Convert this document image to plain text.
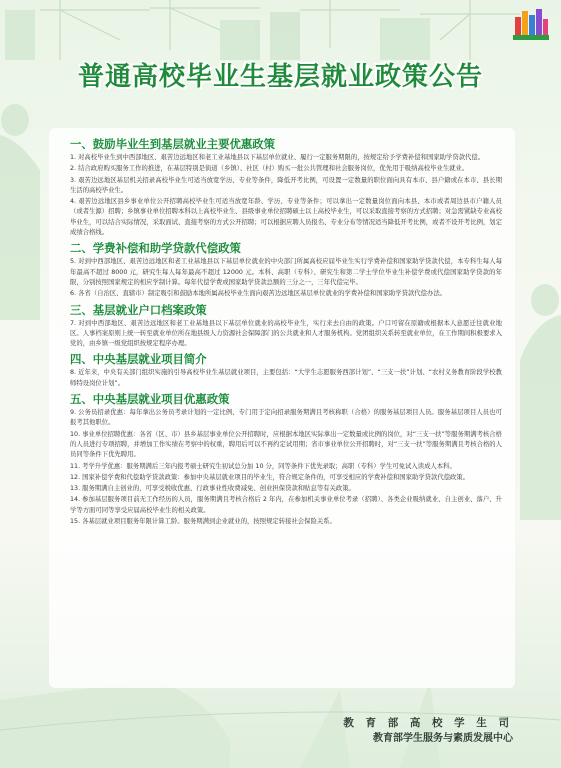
普通高校毕业生基层就业政策公告
一、鼓励毕业生到基层就业主要优惠政策
1. 对高校毕业生到中西部地区、艰苦边远地区和老工业基地县以下基层单位就业、履行一定服务期限的，按规定给予学费补偿和国家助学贷款代偿。
2. 结合政府购买服务工作的推进，在基层特别是街道（乡镇）、社区（村）购买一批公共管理和社会服务岗位，优先用于吸纳高校毕业生就业。
3. 艰苦边远地区基层机关招录高校毕业生可适当放宽学历、专业等条件，降低开考比例，可设置一定数量的职位面向具有本市、县户籍或在本市、县长期生活的高校毕业生。
4. 艰苦边远地区县乡事业单位公开招聘高校毕业生可适当放宽年龄、学历、专业等条件；可以拿出一定数量岗位面向本县、本市或者周边县市户籍人员（或者生源）招聘；乡镇事业单位招聘本科以上高校毕业生、县级事业单位招聘硕士以上高校毕业生，可以采取直接考察的方式招聘；对急需紧缺专业高校毕业生，可以结合实际情况，采取面试、直接考察的方式公开招聘；可以根据应聘人员报名、专业分布等情况适当降低开考比例，或者不设开考比例，划定成绩合格线。
二、学费补偿和助学贷款代偿政策
5. 对到中西部地区、艰苦边远地区和老工业基地县以下基层单位就业的中央部门所属高校应届毕业生实行学费补偿和国家助学贷款代偿，本专科生每人每年最高不超过 8000 元，研究生每人每年最高不超过 12000 元。本科、高职（专科）、研究生和第二学士学位毕业生补偿学费或代偿国家助学贷款的年限，分别按照国家规定的相应学制计算。每年代偿学费或国家助学贷款总额的三分之一，三年代偿完毕。
6. 各省（自治区、直辖市）制定吸引和鼓励本地所属高校毕业生面向艰苦边远地区基层单位就业的学费补偿和国家助学贷款代偿办法。
三、基层就业户口档案政策
7. 对到中西部地区、艰苦边远地区和老工业基地县以下基层单位就业的高校毕业生，实行来去自由的政策。户口可留在原籍或根据本人意愿迁往就业地区。人事档案原则上统一转至就业单位所在地县级人力资源社会保障部门的公共就业和人才服务机构。党团组织关系转至就业单位，在工作期间积极要求入党的，由乡镇一级党组织按规定程序办理。
四、中央基层就业项目简介
8. 近年来，中央有关部门组织实施的引导高校毕业生基层就业项目，主要包括：“大学生志愿服务西部计划”、“三支一扶”计划、“农村义务教育阶段学校教师特设岗位计划”。
五、中央基层就业项目优惠政策
9. 公务员招录优惠：每年拿出公务员考录计划的一定比例、专门用于定向招录服务期满且考核称职（合格）的服务基层项目人员。服务基层项目人员也可报考其他职位。
10. 事业单位招聘优惠：各省（区、市）县乡基层事业单位公开招聘时，应根据本地区实际拿出一定数量或比例的岗位，对“三支一扶”等服务期满考核合格的人员进行专项招聘，并增加工作实绩在考察中的权重，聘用后可以不再约定试用期；省市事业单位公开招聘时，对“三支一扶”等服务期满且考核合格的人员同等条件下优先聘用。
11. 考学升学优惠：服务期满后三年内报考硕士研究生初试总分加 10 分，同等条件下优先录取；高职（专科）学生可免试入读成人本科。
12. 国家补偿学费和代偿助学贷款政策：参加中央基层就业项目的毕业生，符合规定条件的，可享受相应的学费补偿和国家助学贷款代偿政策。
13. 服务期满自主创业的，可享受税收优惠、行政事业性收费减免、创业担保贷款和贴息等有关政策。
14. 参加基层服务项目前无工作经历的人员，服务期满且考核合格后 2 年内，在参加机关事业单位考录（招聘）、各类企业吸纳就业、自主创业、落户、升学等方面可同等享受应届高校毕业生的相关政策。
15. 各基层就业项目服务年限计算工龄。服务期满到企业就业的，按照规定转接社会保险关系。
教 育 部 高 校 学 生 司
教育部学生服务与素质发展中心
